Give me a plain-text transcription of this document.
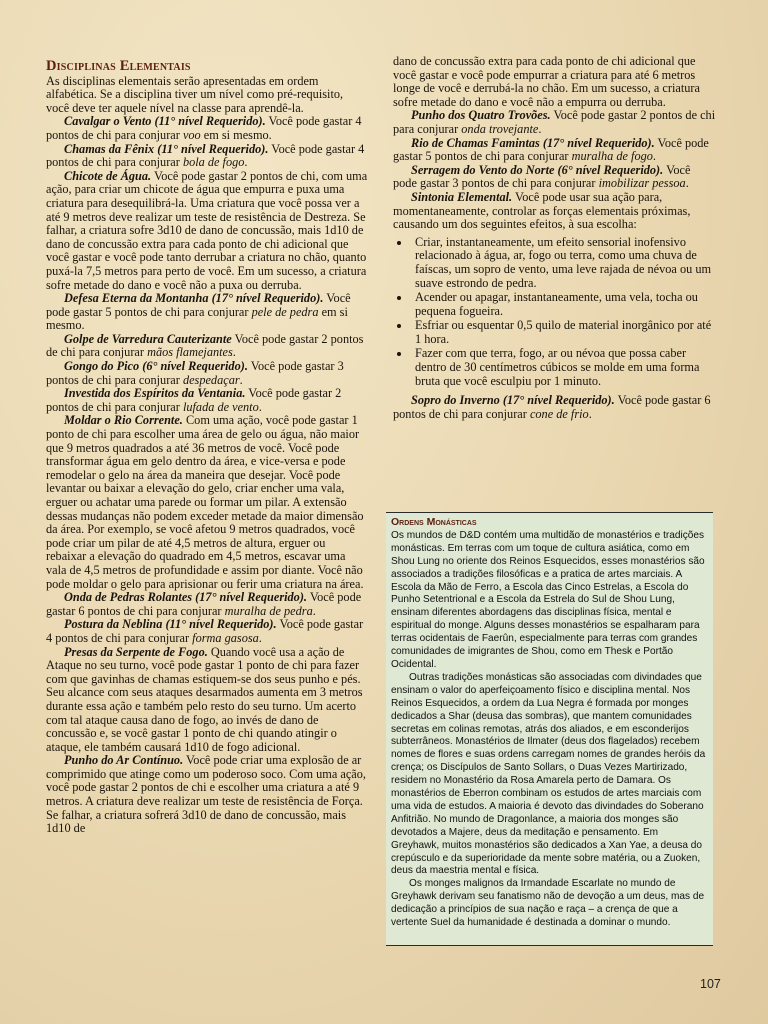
Disciplinas Elementais

As disciplinas elementais serão apresentadas em ordem alfabética. Se a disciplina tiver um nível como pré-requisito, você deve ter aquele nível na classe para aprendê-la.

Cavalgar o Vento (11° nível Requerido). Você pode gastar 4 pontos de chi para conjurar voo em si mesmo.

Chamas da Fênix (11° nível Requerido). Você pode gastar 4 pontos de chi para conjurar bola de fogo.

Chicote de Água. Você pode gastar 2 pontos de chi, com uma ação, para criar um chicote de água que empurra e puxa uma criatura para desequilibrá-la. Uma criatura que você possa ver a até 9 metros deve realizar um teste de resistência de Destreza. Se falhar, a criatura sofre 3d10 de dano de concussão, mais 1d10 de dano de concussão extra para cada ponto de chi adicional que você gastar e você pode tanto derrubar a criatura no chão, quanto puxá-la 7,5 metros para perto de você. Em um sucesso, a criatura sofre metade do dano e você não a puxa ou derruba.

Defesa Eterna da Montanha (17° nível Requerido). Você pode gastar 5 pontos de chi para conjurar pele de pedra em si mesmo.

Golpe de Varredura Cauterizante Você pode gastar 2 pontos de chi para conjurar mãos flamejantes.

Gongo do Pico (6° nível Requerido). Você pode gastar 3 pontos de chi para conjurar despedaçar.

Investida dos Espíritos da Ventania. Você pode gastar 2 pontos de chi para conjurar lufada de vento.

Moldar o Rio Corrente. Com uma ação, você pode gastar 1 ponto de chi para escolher uma área de gelo ou água, não maior que 9 metros quadrados a até 36 metros de você. Você pode transformar água em gelo dentro da área, e vice-versa e pode remodelar o gelo na área da maneira que desejar. Você pode levantar ou baixar a elevação do gelo, criar encher uma vala, erguer ou achatar uma parede ou formar um pilar. A extensão dessas mudanças não podem exceder metade da maior dimensão da área. Por exemplo, se você afetou 9 metros quadrados, você pode criar um pilar de até 4,5 metros de altura, erguer ou rebaixar a elevação do quadrado em 4,5 metros, escavar uma vala de 4,5 metros de profundidade e assim por diante. Você não pode moldar o gelo para aprisionar ou ferir uma criatura na área.

Onda de Pedras Rolantes (17° nível Requerido). Você pode gastar 6 pontos de chi para conjurar muralha de pedra.

Postura da Neblina (11° nível Requerido). Você pode gastar 4 pontos de chi para conjurar forma gasosa.

Presas da Serpente de Fogo. Quando você usa a ação de Ataque no seu turno, você pode gastar 1 ponto de chi para fazer com que gavinhas de chamas estiquem-se dos seus punho e pés. Seu alcance com seus ataques desarmados aumenta em 3 metros durante essa ação e também pelo resto do seu turno. Um acerto com tal ataque causa dano de fogo, ao invés de dano de concussão e, se você gastar 1 ponto de chi quando atingir o ataque, ele também causará 1d10 de fogo adicional.

Punho do Ar Contínuo. Você pode criar uma explosão de ar comprimido que atinge como um poderoso soco. Com uma ação, você pode gastar 2 pontos de chi e escolher uma criatura a até 9 metros. A criatura deve realizar um teste de resistência de Força. Se falhar, a criatura sofrerá 3d10 de dano de concussão, mais 1d10 de

dano de concussão extra para cada ponto de chi adicional que você gastar e você pode empurrar a criatura para até 6 metros longe de você e derrubá-la no chão. Em um sucesso, a criatura sofre metade do dano e você não a empurra ou derruba.

Punho dos Quatro Trovões. Você pode gastar 2 pontos de chi para conjurar onda trovejante.

Rio de Chamas Famintas (17° nível Requerido). Você pode gastar 5 pontos de chi para conjurar muralha de fogo.

Serragem do Vento do Norte (6° nível Requerido). Você pode gastar 3 pontos de chi para conjurar imobilizar pessoa.

Sintonia Elemental. Você pode usar sua ação para, momentaneamente, controlar as forças elementais próximas, causando um dos seguintes efeitos, à sua escolha:

• Criar, instantaneamente, um efeito sensorial inofensivo relacionado à água, ar, fogo ou terra, como uma chuva de faíscas, um sopro de vento, uma leve rajada de névoa ou um suave estrondo de pedra.
• Acender ou apagar, instantaneamente, uma vela, tocha ou pequena fogueira.
• Esfriar ou esquentar 0,5 quilo de material inorgânico por até 1 hora.
• Fazer com que terra, fogo, ar ou névoa que possa caber dentro de 30 centímetros cúbicos se molde em uma forma bruta que você esculpiu por 1 minuto.

Sopro do Inverno (17° nível Requerido). Você pode gastar 6 pontos de chi para conjurar cone de frio.

Ordens Monásticas

Os mundos de D&D contém uma multidão de monastérios e tradições monásticas. Em terras com um toque de cultura asiática, como em Shou Lung no oriente dos Reinos Esquecidos, esses monastérios são associados a tradições filosóficas e a pratica de artes marciais. A Escola da Mão de Ferro, a Escola das Cinco Estrelas, a Escola do Punho Setentrional e a Escola da Estrela do Sul de Shou Lung, ensinam diferentes abordagens das disciplinas física, mental e espiritual do monge. Alguns desses monastérios se espalharam para terras ocidentais de Faerûn, especialmente para terras com grandes comunidades de imigrantes de Shou, como em Thesk e Portão Ocidental.

Outras tradições monásticas são associadas com divindades que ensinam o valor do aperfeiçoamento físico e disciplina mental. Nos Reinos Esquecidos, a ordem da Lua Negra é formada por monges dedicados a Shar (deusa das sombras), que mantem comunidades secretas em colinas remotas, atrás dos aliados, e em esconderijos subterrâneos. Monastérios de Ilmater (deus dos flagelados) recebem nomes de flores e suas ordens carregam nomes de grandes heróis da crença; os Discípulos de Santo Sollars, o Duas Vezes Martirizado, residem no Monastério da Rosa Amarela perto de Damara. Os monastérios de Eberron combinam os estudos de artes marciais com uma vida de estudos. A maioria é devoto das divindades do Soberano Anfitrião. No mundo de Dragonlance, a maioria dos monges são devotados a Majere, deus da meditação e pensamento. Em Greyhawk, muitos monastérios são dedicados a Xan Yae, a deusa do crepúsculo e da superioridade da mente sobre matéria, ou a Zuoken, deus da maestria mental e física.

Os monges malignos da Irmandade Escarlate no mundo de Greyhawk derivam seu fanatismo não de devoção a um deus, mas de dedicação a princípios de sua nação e raça – a crença de que a vertente Suel da humanidade é destinada a dominar o mundo.

107
